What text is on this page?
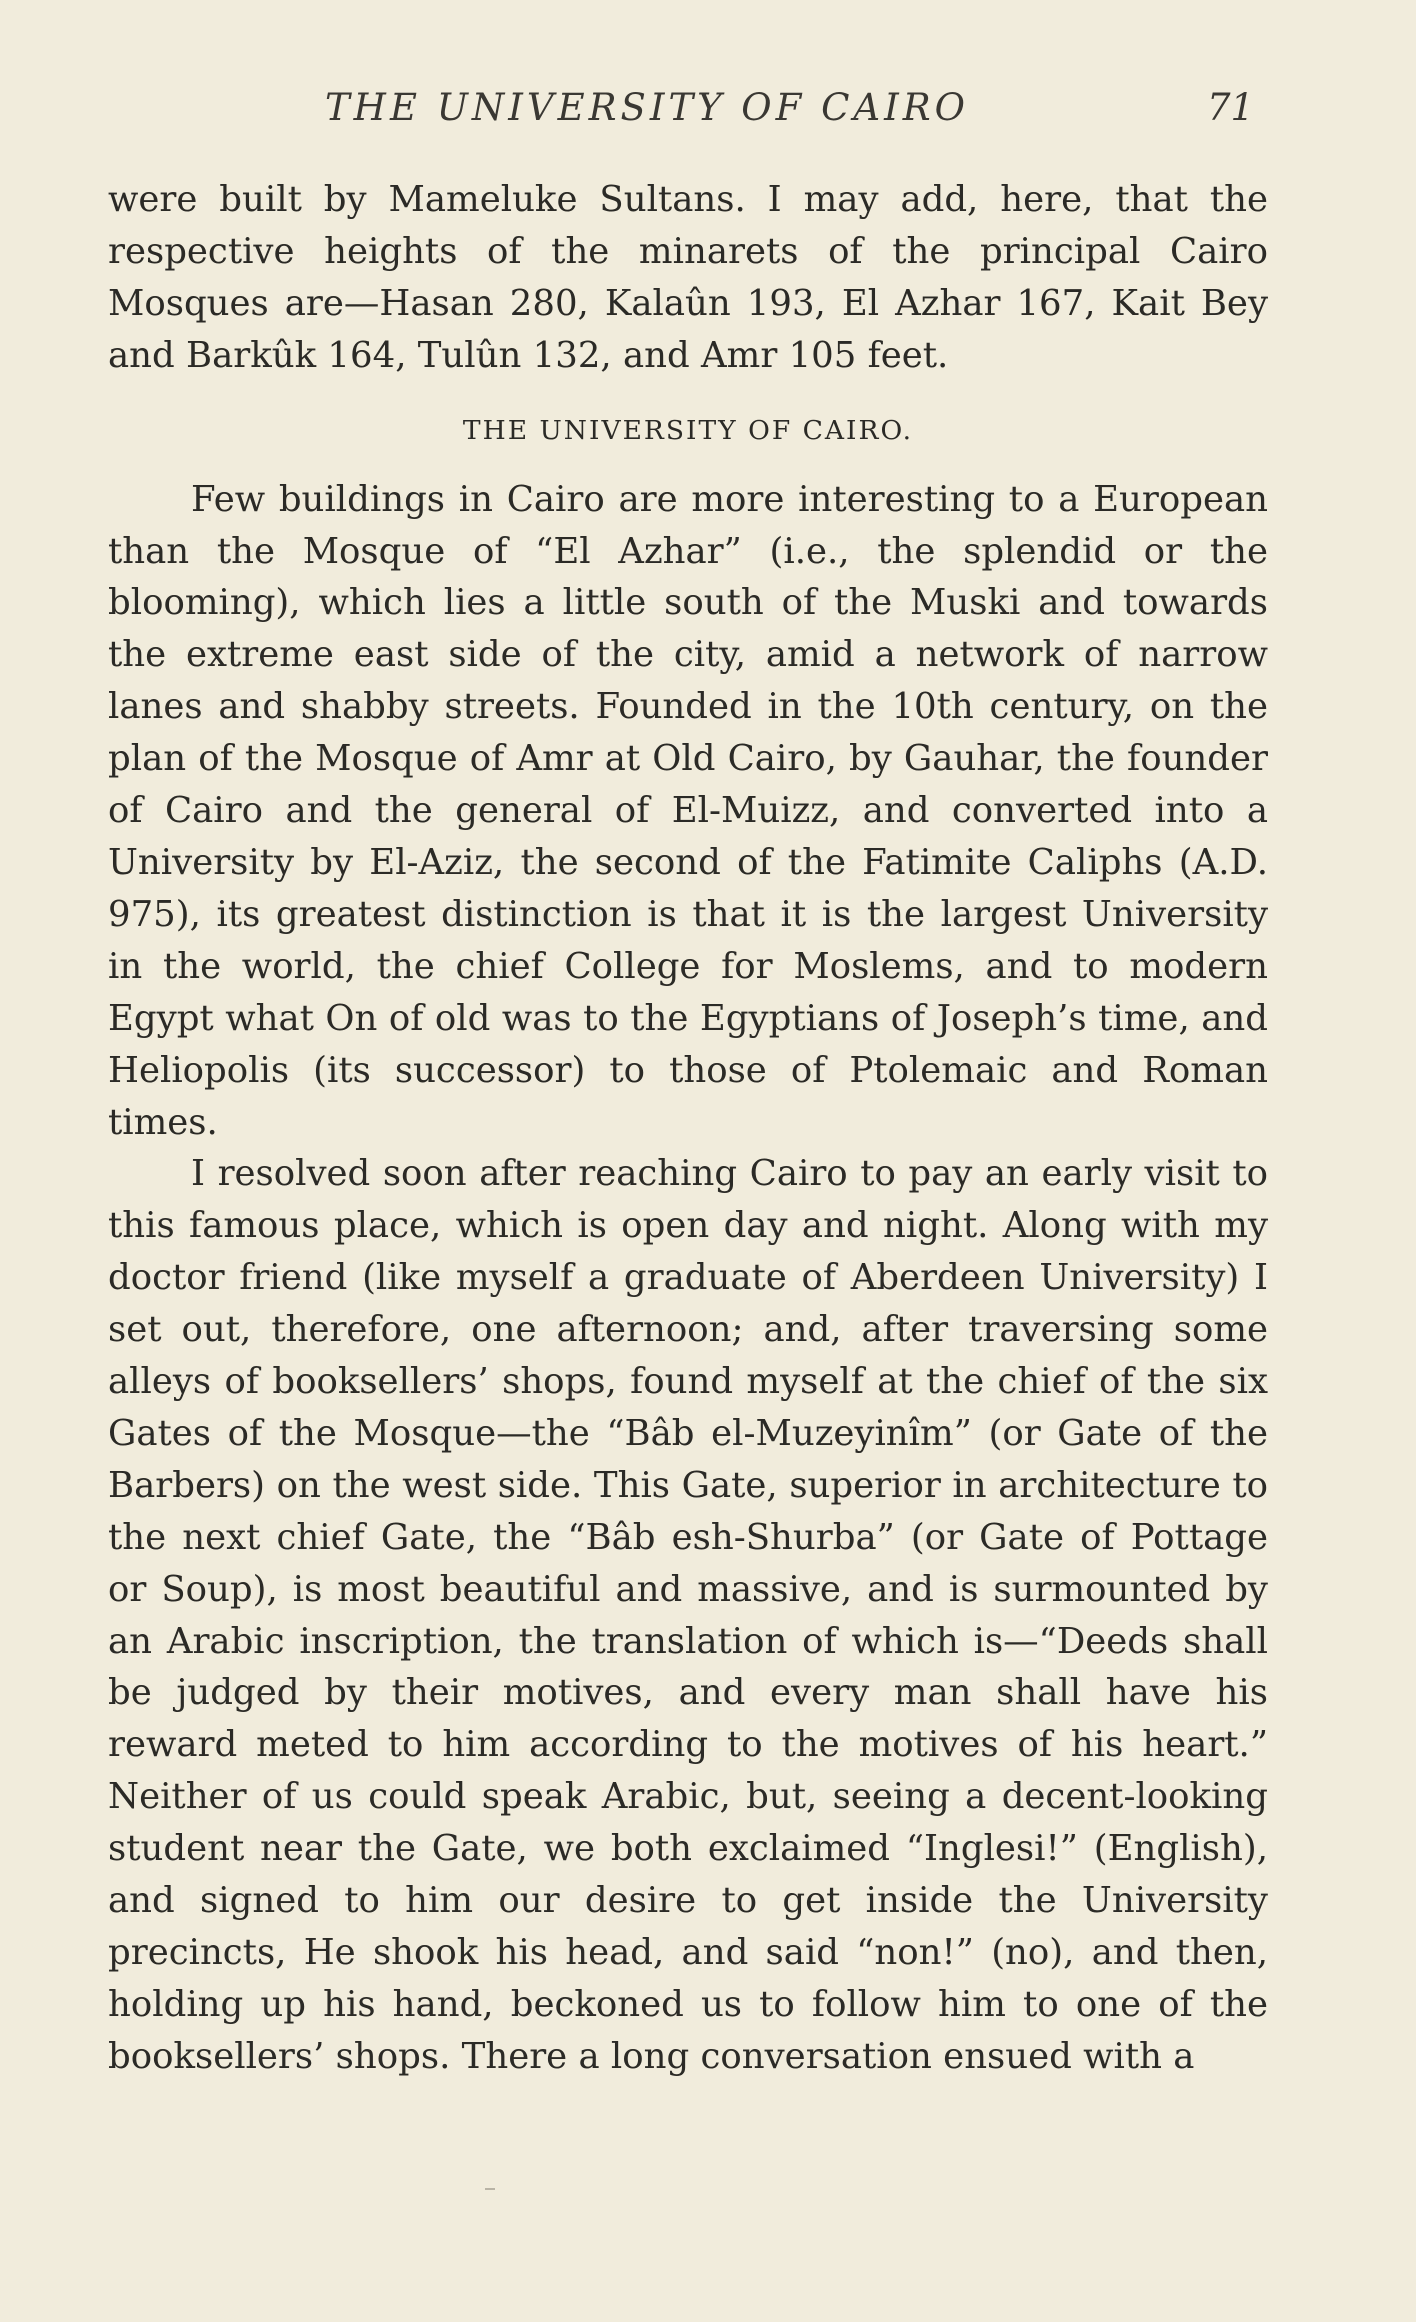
THE UNIVERSITY OF CAIRO	71

were built by Mameluke Sultans. I may add, here, that the respective heights of the minarets of the principal Cairo Mosques are—Hasan 280, Kalaûn 193, El Azhar 167, Kait Bey and Barkûk 164, Tulûn 132, and Amr 105 feet.

THE UNIVERSITY OF CAIRO.

Few buildings in Cairo are more interesting to a European than the Mosque of “El Azhar” (i.e., the splendid or the blooming), which lies a little south of the Muski and towards the extreme east side of the city, amid a network of narrow lanes and shabby streets. Founded in the 10th century, on the plan of the Mosque of Amr at Old Cairo, by Gauhar, the founder of Cairo and the general of El-Muizz, and converted into a University by El-Aziz, the second of the Fatimite Caliphs (A.D. 975), its greatest distinction is that it is the largest University in the world, the chief College for Moslems, and to modern Egypt what On of old was to the Egyptians of Joseph’s time, and Heliopolis (its successor) to those of Ptolemaic and Roman times.

I resolved soon after reaching Cairo to pay an early visit to this famous place, which is open day and night. Along with my doctor friend (like myself a graduate of Aberdeen University) I set out, therefore, one afternoon; and, after traversing some alleys of booksellers’ shops, found myself at the chief of the six Gates of the Mosque—the “Bâb el-Muzeyinîm” (or Gate of the Barbers) on the west side. This Gate, superior in architecture to the next chief Gate, the “Bâb esh-Shurba” (or Gate of Pottage or Soup), is most beautiful and massive, and is surmounted by an Arabic inscription, the translation of which is—“Deeds shall be judged by their motives, and every man shall have his reward meted to him according to the motives of his heart.” Neither of us could speak Arabic, but, seeing a decent-looking student near the Gate, we both exclaimed “Inglesi!” (English), and signed to him our desire to get inside the University precincts, He shook his head, and said “non!” (no), and then, holding up his hand, beckoned us to follow him to one of the booksellers’ shops. There a long conversation ensued with a
